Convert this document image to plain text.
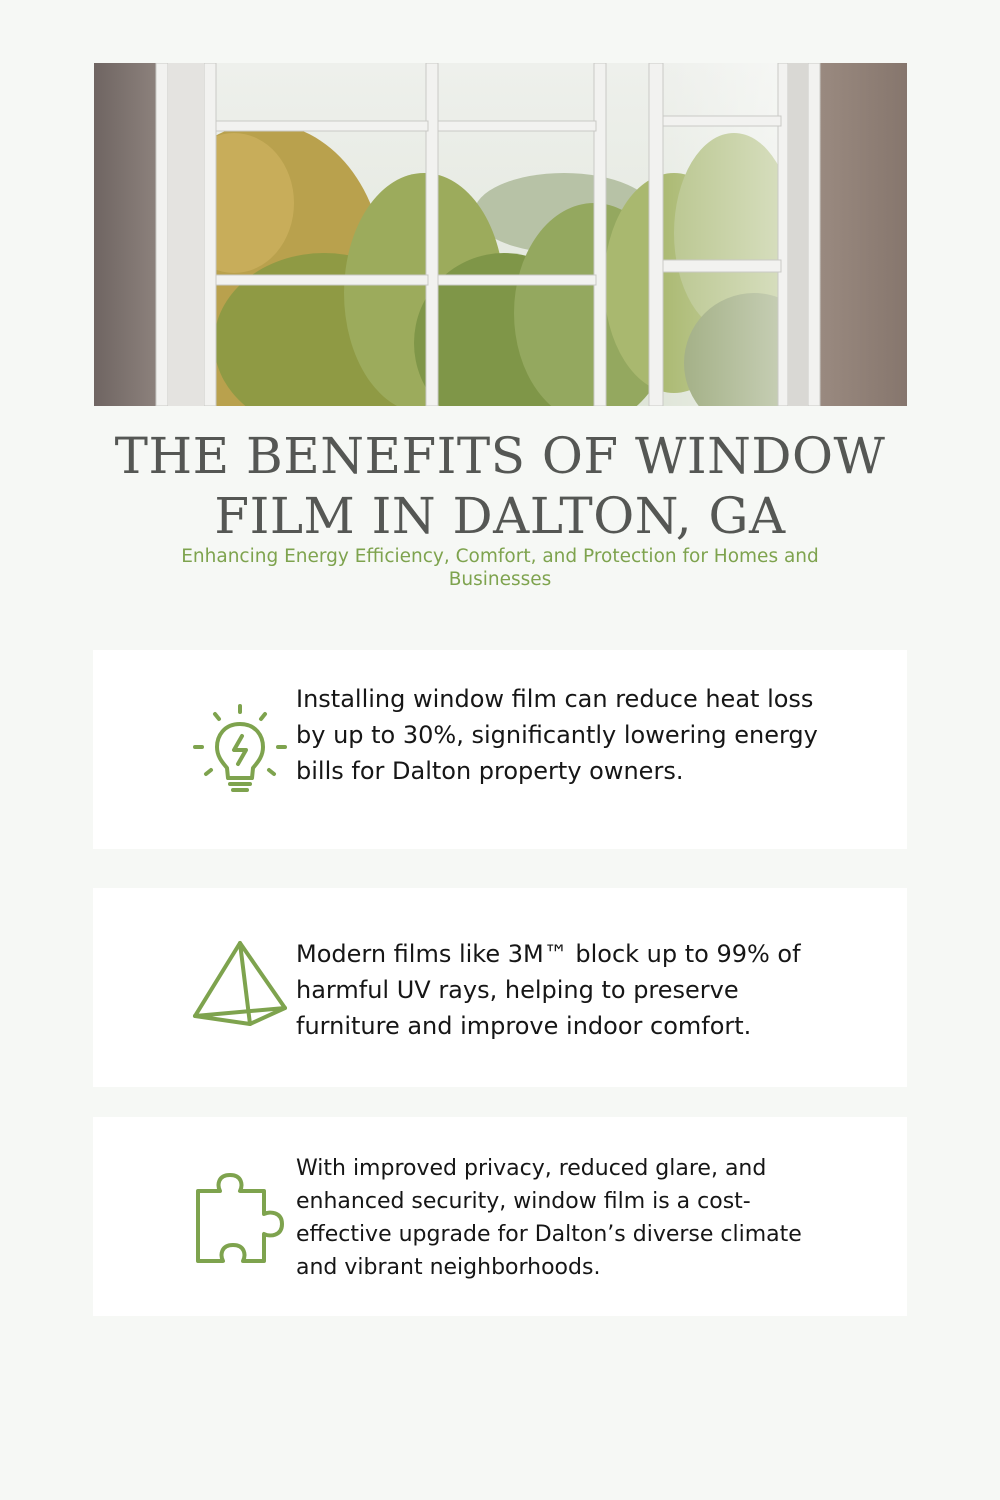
THE BENEFITS OF WINDOW FILM IN DALTON, GA

Enhancing Energy Efficiency, Comfort, and Protection for Homes and Businesses

Installing window film can reduce heat loss by up to 30%, significantly lowering energy bills for Dalton property owners.

Modern films like 3M™ block up to 99% of harmful UV rays, helping to preserve furniture and improve indoor comfort.

With improved privacy, reduced glare, and enhanced security, window film is a cost-effective upgrade for Dalton’s diverse climate and vibrant neighborhoods.
